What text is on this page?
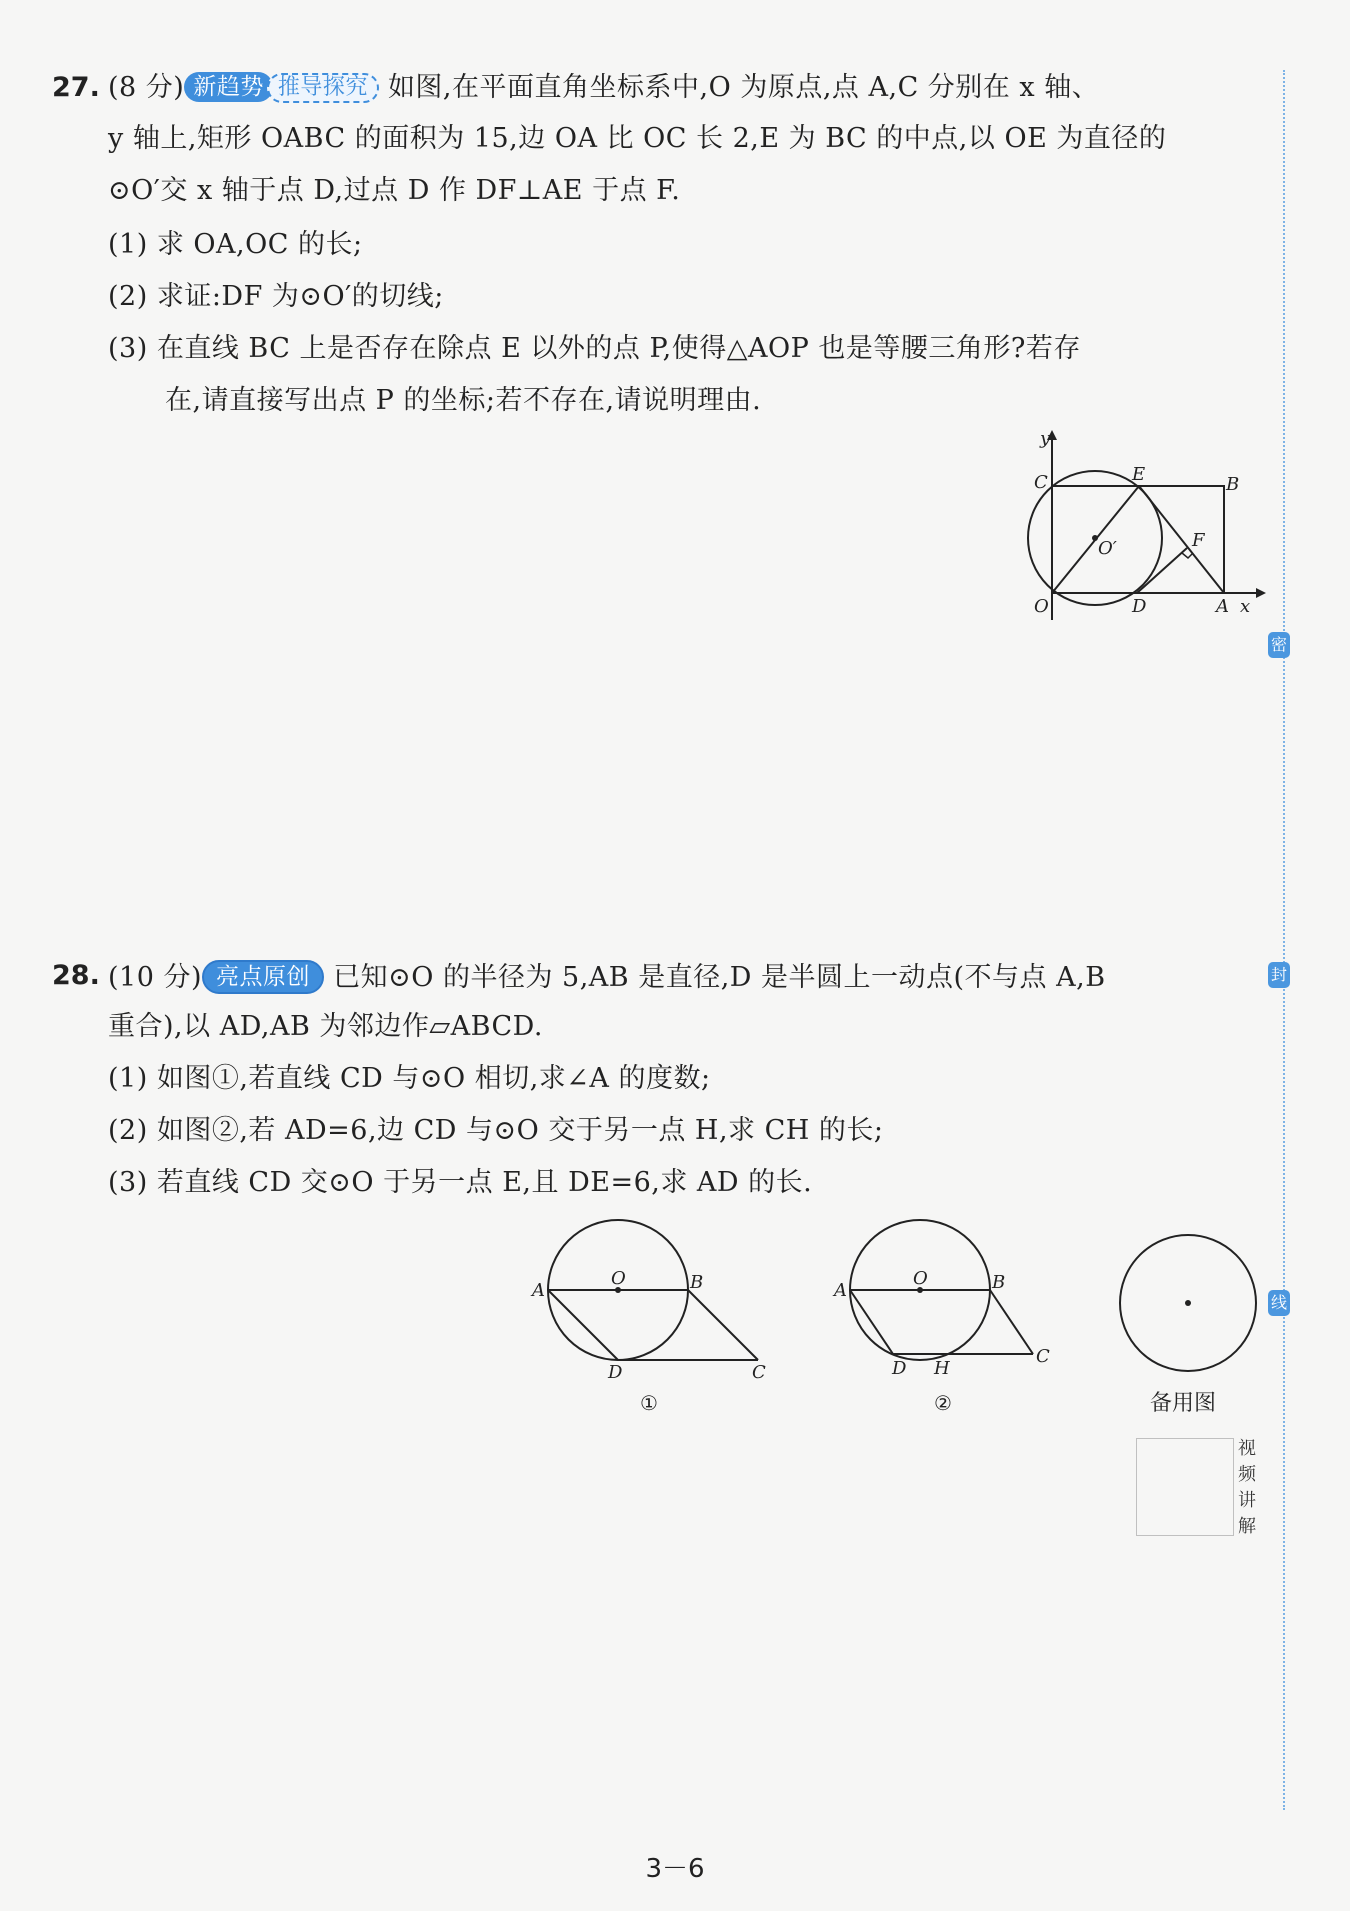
密
封
线
27. (8 分) 新趋势 推导探究 如图,在平面直角坐标系中,O 为原点,点 A,C 分别在 x 轴、
y 轴上,矩形 OABC 的面积为 15,边 OA 比 OC 长 2,E 为 BC 的中点,以 OE 为直径的
⊙O′交 x 轴于点 D,过点 D 作 DF⊥AE 于点 F.
(1) 求 OA,OC 的长;
(2) 求证:DF 为⊙O′的切线;
(3) 在直线 BC 上是否存在除点 E 以外的点 P,使得△AOP 也是等腰三角形?若存
在,请直接写出点 P 的坐标;若不存在,请说明理由.
y
C	E	B
O′	F
O	D	A x
28. (10 分) 亮点原创 已知⊙O 的半径为 5,AB 是直径,D 是半圆上一动点(不与点 A,B
重合),以 AD,AB 为邻边作▱ABCD.
(1) 如图①,若直线 CD 与⊙O 相切,求∠A 的度数;
(2) 如图②,若 AD=6,边 CD 与⊙O 交于另一点 H,求 CH 的长;
(3) 若直线 CD 交⊙O 于另一点 E,且 DE=6,求 AD 的长.
A
O	B
D	C
①
A
O	B
D H
C
②	备用图
视
频
讲
解
3－6
